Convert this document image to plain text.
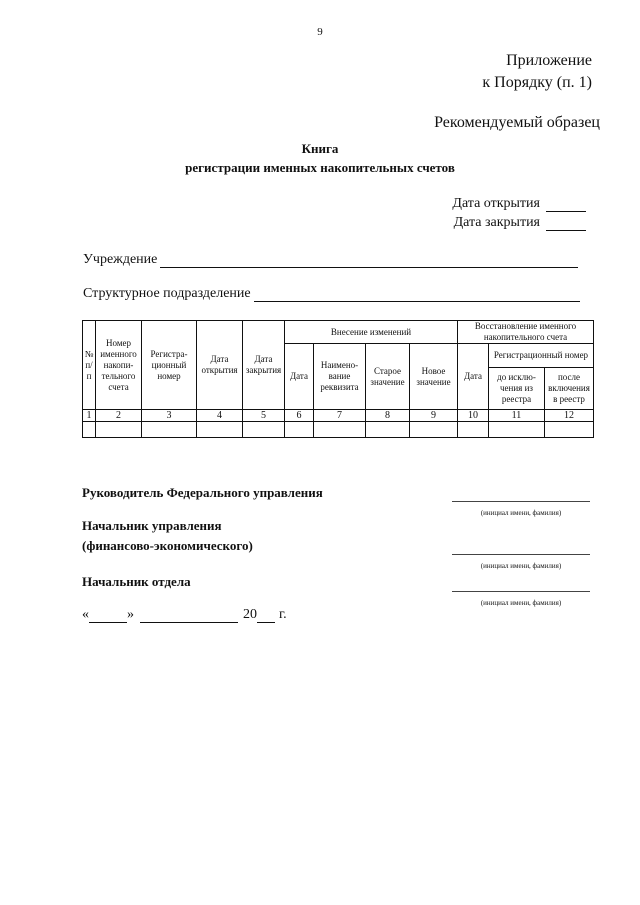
9
Приложение
к Порядку (п. 1)
Рекомендуемый образец
Книга
регистрации именных накопительных счетов
Дата открытия
Дата закрытия
Учреждение
Структурное подразделение
№ п/п	Номер именного накопи-тельного счета	Регистра-ционный номер	Дата открытия	Дата закрытия	Внесение изменений				Восстановление именного накопительного счета		
					Дата	Наимено-вание реквизита	Старое значение	Новое значение	Дата	Регистрационный номер	
										до исклю-чения из реестра	после включения в реестр
1	2	3	4	5	6	7	8	9	10	11	12

Руководитель Федерального управления
(инициал имени, фамилия)
Начальник управления
(финансово-экономического)
(инициал имени, фамилия)
Начальник отдела
(инициал имени, фамилия)
«	»	20 г.
